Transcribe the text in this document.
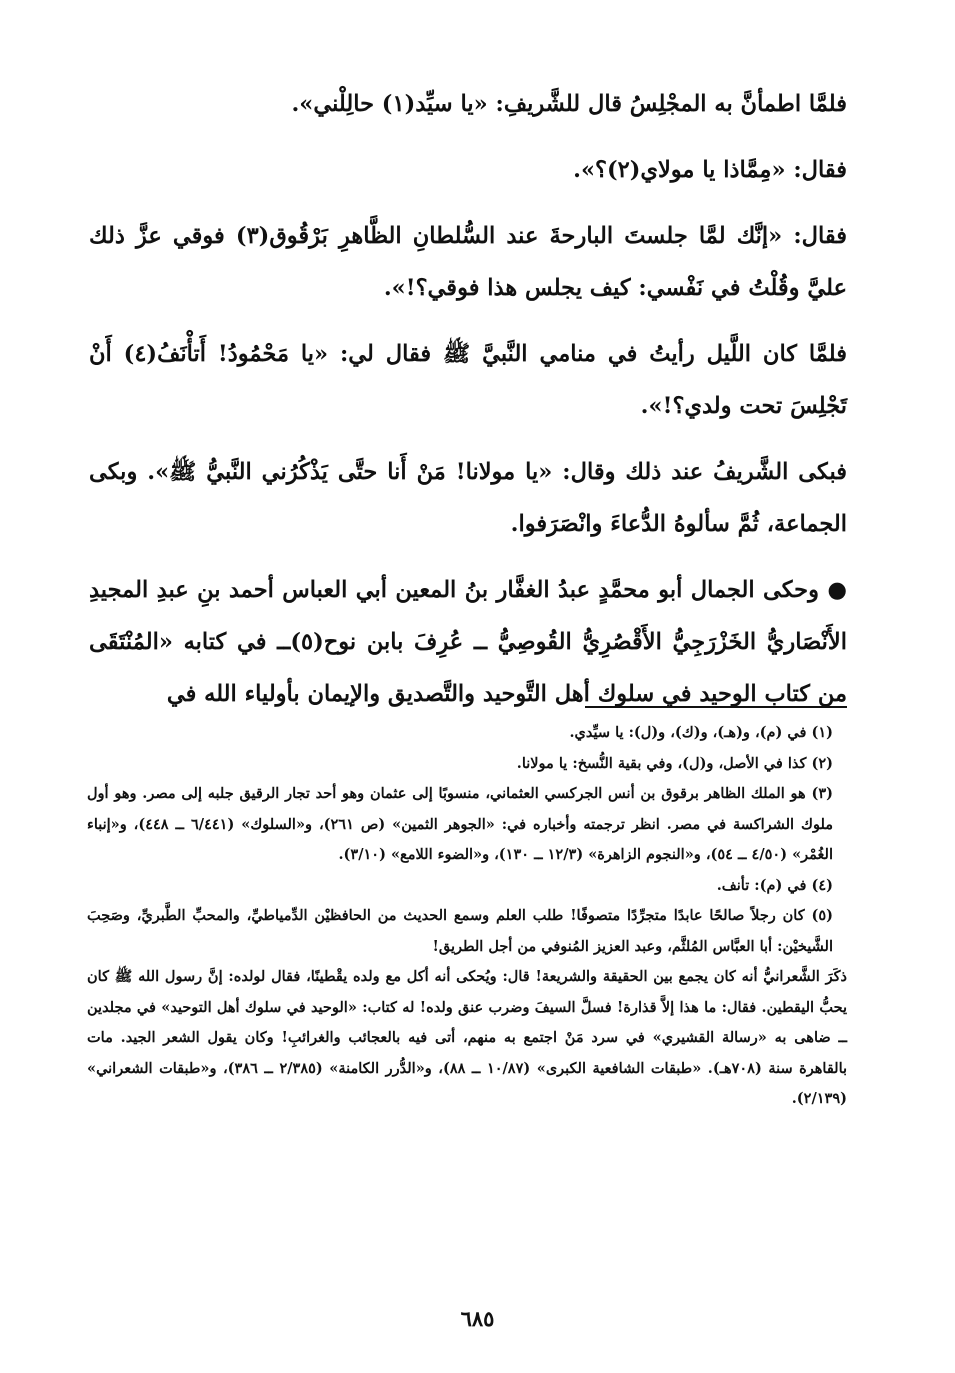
فلمَّا اطمأنَّ به المجْلِسُ قال للشَّريفِ: «يا سيِّد(١) حالِلْني».

فقال: «مِمَّاذا يا مولاي(٢)؟».

فقال: «إنَّك لمَّا جلستَ البارحةَ عند السُّلطانِ الظَّاهرِ بَرْقُوق(٣) فوقي عزَّ ذلك عليَّ وقُلْتُ في نَفْسي: كيف يجلس هذا فوقي؟!».

فلمَّا كان اللَّيل رأيتُ في منامي النَّبيَّ ﷺ فقال لي: «يا مَحْمُودُ! أَتأْنَفُ(٤) أَنْ تَجْلِسَ تحت ولدي؟!».

فبكى الشَّريفُ عند ذلك وقال: «يا مولانا! مَنْ أَنا حتَّى يَذْكُرُني النَّبيُّ ﷺ». وبكى الجماعة، ثُمَّ سألوهُ الدُّعاءَ وانْصَرَفوا.

● وحكى الجمال أبو محمَّدٍ عبدُ الغفَّار بنُ المعين أبي العباس أحمد بنِ عبدِ المجيدِ الأَنْصَاريُّ الخَزْرَجِيُّ الأَقْصُرِيُّ القُوصِيُّ ــ عُرِفَ بابن نوح(٥)ــ في كتابه «المُنْتَقَى من كتاب الوحيد في سلوك أهل التَّوحيد والتَّصديق والإيمان بأولياء الله في

(١) في (م)، و(هـ)، و(ك)، و(ل): يا سيِّدي.

(٢) كذا في الأصل، و(ل)، وفي بقية النُّسخ: يا مولانا.

(٣) هو الملك الظاهر برقوق بن أنس الجركسي العثماني، منسوبًا إلى عثمان وهو أحد تجار الرقيق جلبه إلى مصر. وهو أول ملوك الشراكسة في مصر. انظر ترجمته وأخباره في: «الجوهر الثمين» (ص ٢٦١)، و«السلوك» (٦/٤٤١ ــ ٤٤٨)، و«إنباء الغُمْر» (٤/٥٠ ــ ٥٤)، و«النجوم الزاهرة» (١٢/٣ ــ ١٣٠)، و«الضوء اللامع» (٣/١٠).

(٤) في (م): تأنف.

(٥) كان رجلاً صالحًا عابدًا متجرِّدًا متصوفًا! طلب العلم وسمع الحديث من الحافظيْن الدِّمياطيِّ، والمحبِّ الطَّبريِّ، وصَحِبَ الشَّيخيْن: أبا العبَّاس المُلثَّم، وعبد العزيز المُنوفي من أجل الطريق!

ذكَرَ الشَّعرانيُّ أنه كان يجمع بين الحقيقة والشريعة! قال: ويُحكى أنه أكل مع ولده يقْطينًا، فقال لولده: إنَّ رسول الله ﷺ كان يحبُّ اليقطين. فقال: ما هذا إلاَّ قذارة! فسلَّ السيفَ وضرب عنق ولده! له كتاب: «الوحيد في سلوك أهل التوحيد» في مجلدين ــ ضاهى به «رسالة القشيري» في سرد مَنْ اجتمع به منهم، أتى فيه بالعجائب والغرائبِ! وكان يقول الشعر الجيد. مات بالقاهرة سنة (٧٠٨هـ). «طبقات الشافعية الكبرى» (١٠/٨٧ ــ ٨٨)، و«الدُّرر الكامنة» (٢/٣٨٥ ــ ٣٨٦)، و«طبقات الشعراني» (٢/١٣٩).

٦٨٥
